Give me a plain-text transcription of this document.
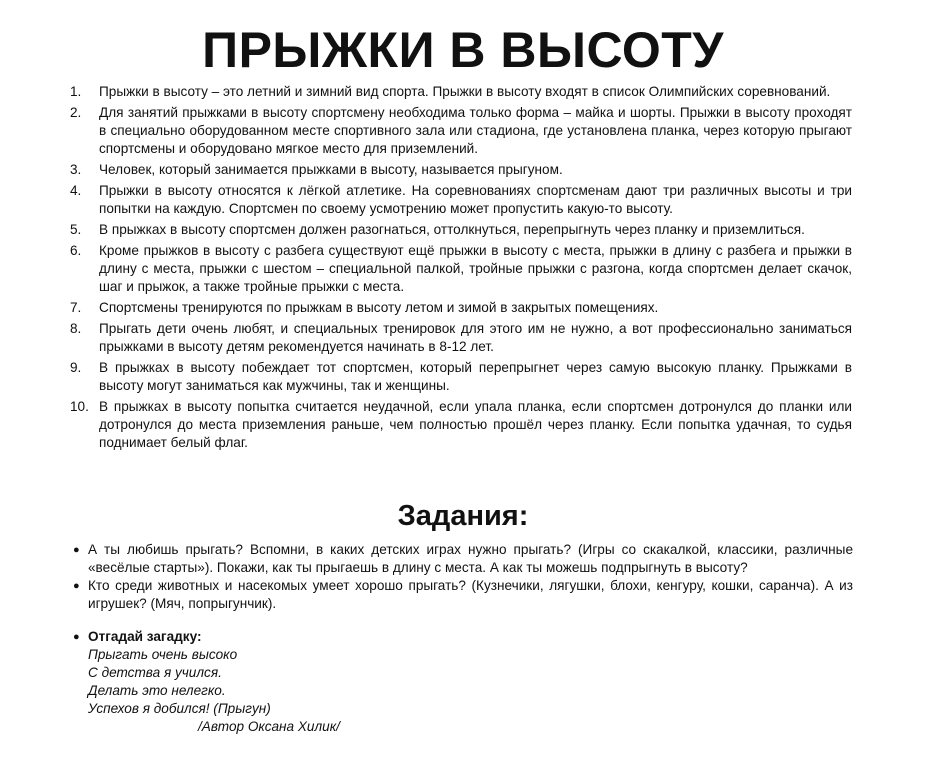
ПРЫЖКИ В ВЫСОТУ
1.	Прыжки в высоту – это летний и зимний вид спорта. Прыжки в высоту входят в список Олимпийских соревнований.
2.	Для занятий прыжками в высоту спортсмену необходима только форма – майка и шорты. Прыжки в высоту проходят в специально оборудованном месте спортивного зала или стадиона, где установлена планка, через которую прыгают спортсмены и оборудовано мягкое место для приземлений.
3.	Человек, который занимается прыжками в высоту, называется прыгуном.
4.	Прыжки в высоту относятся к лёгкой атлетике. На соревнованиях спортсменам дают три различных высоты и три попытки на каждую. Спортсмен по своему усмотрению может пропустить какую-то высоту.
5.	В прыжках в высоту спортсмен должен разогнаться, оттолкнуться, перепрыгнуть через планку и приземлиться.
6.	Кроме прыжков в высоту с разбега существуют ещё прыжки в высоту с места, прыжки в длину с разбега и прыжки в длину с места, прыжки с шестом – специальной палкой, тройные прыжки с разгона, когда спортсмен делает скачок, шаг и прыжок, а также тройные прыжки с места.
7.	Спортсмены тренируются по прыжкам в высоту летом и зимой в закрытых помещениях.
8.	Прыгать дети очень любят, и специальных тренировок для этого им не нужно, а вот профессионально заниматься прыжками в высоту детям рекомендуется начинать в 8-12 лет.
9.	В прыжках в высоту побеждает тот спортсмен, который перепрыгнет через самую высокую планку. Прыжками в высоту могут заниматься как мужчины, так и женщины.
10. В прыжках в высоту попытка считается неудачной, если упала планка, если спортсмен дотронулся до планки или дотронулся до места приземления раньше, чем полностью прошёл через планку. Если попытка удачная, то судья поднимает белый флаг.
Задания:
● А ты любишь прыгать? Вспомни, в каких детских играх нужно прыгать? (Игры со скакалкой, классики, различные «весёлые старты»). Покажи, как ты прыгаешь в длину с места. А как ты можешь подпрыгнуть в высоту?
● Кто среди животных и насекомых умеет хорошо прыгать? (Кузнечики, лягушки, блохи, кенгуру, кошки, саранча). А из игрушек? (Мяч, попрыгунчик).
● Отгадай загадку:
Прыгать очень высоко
С детства я учился.
Делать это нелегко.
Успехов я добился! (Прыгун)
/Автор Оксана Хилик/
